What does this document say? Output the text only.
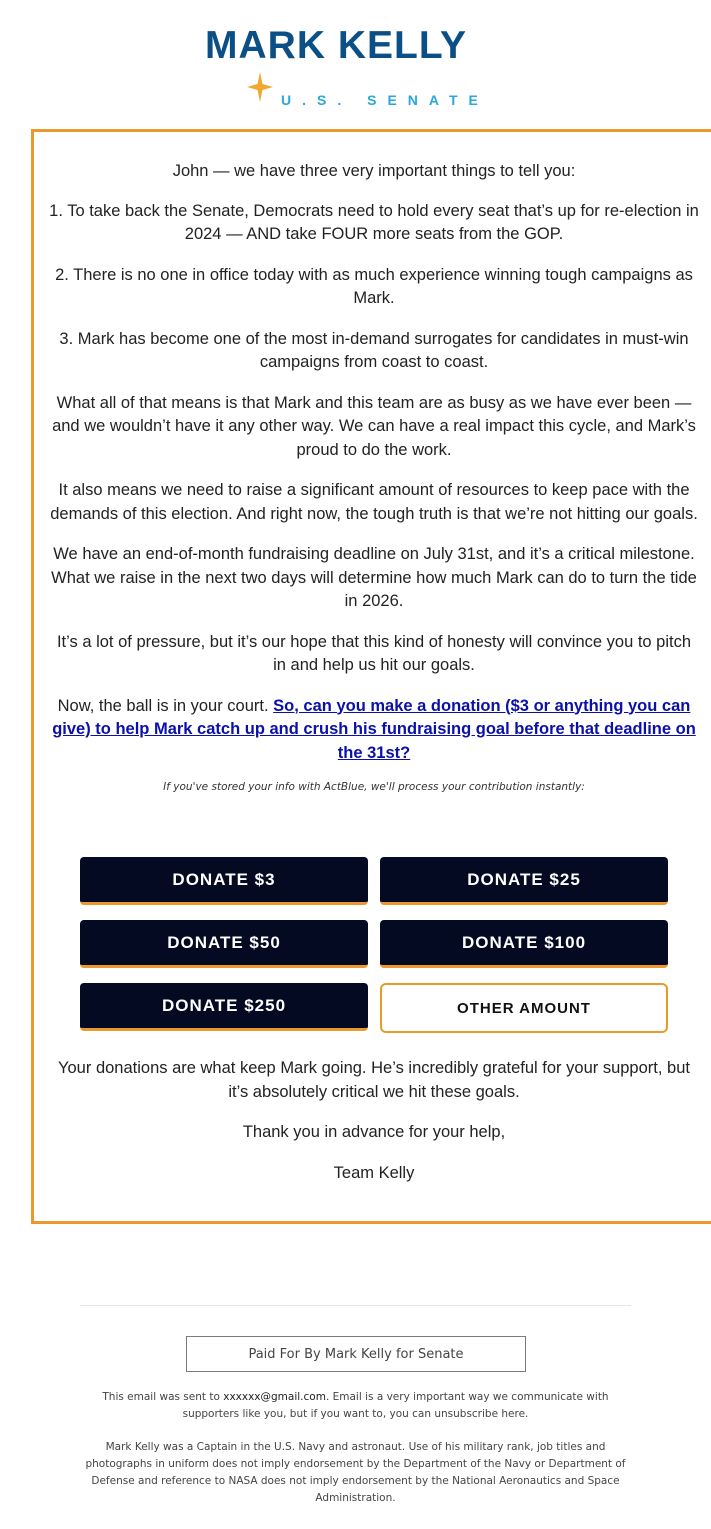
MARK KELLY
U.S. SENATE

John — we have three very important things to tell you:

1. To take back the Senate, Democrats need to hold every seat that’s up for re-election in 2024 — AND take FOUR more seats from the GOP.

2. There is no one in office today with as much experience winning tough campaigns as Mark.

3. Mark has become one of the most in-demand surrogates for candidates in must-win campaigns from coast to coast.

What all of that means is that Mark and this team are as busy as we have ever been — and we wouldn’t have it any other way. We can have a real impact this cycle, and Mark’s proud to do the work.

It also means we need to raise a significant amount of resources to keep pace with the demands of this election. And right now, the tough truth is that we’re not hitting our goals.

We have an end-of-month fundraising deadline on July 31st, and it’s a critical milestone. What we raise in the next two days will determine how much Mark can do to turn the tide in 2026.

It’s a lot of pressure, but it’s our hope that this kind of honesty will convince you to pitch in and help us hit our goals.

Now, the ball is in your court. So, can you make a donation ($3 or anything you can give) to help Mark catch up and crush his fundraising goal before that deadline on the 31st?

If you've stored your info with ActBlue, we'll process your contribution instantly:

DONATE $3	DONATE $25
DONATE $50	DONATE $100
DONATE $250	OTHER AMOUNT

Your donations are what keep Mark going. He’s incredibly grateful for your support, but it’s absolutely critical we hit these goals.

Thank you in advance for your help,

Team Kelly

Paid For By Mark Kelly for Senate
This email was sent to xxxxxx@gmail.com. Email is a very important way we communicate with supporters like you, but if you want to, you can unsubscribe here.
Mark Kelly was a Captain in the U.S. Navy and astronaut. Use of his military rank, job titles and photographs in uniform does not imply endorsement by the Department of the Navy or Department of Defense and reference to NASA does not imply endorsement by the National Aeronautics and Space Administration.
